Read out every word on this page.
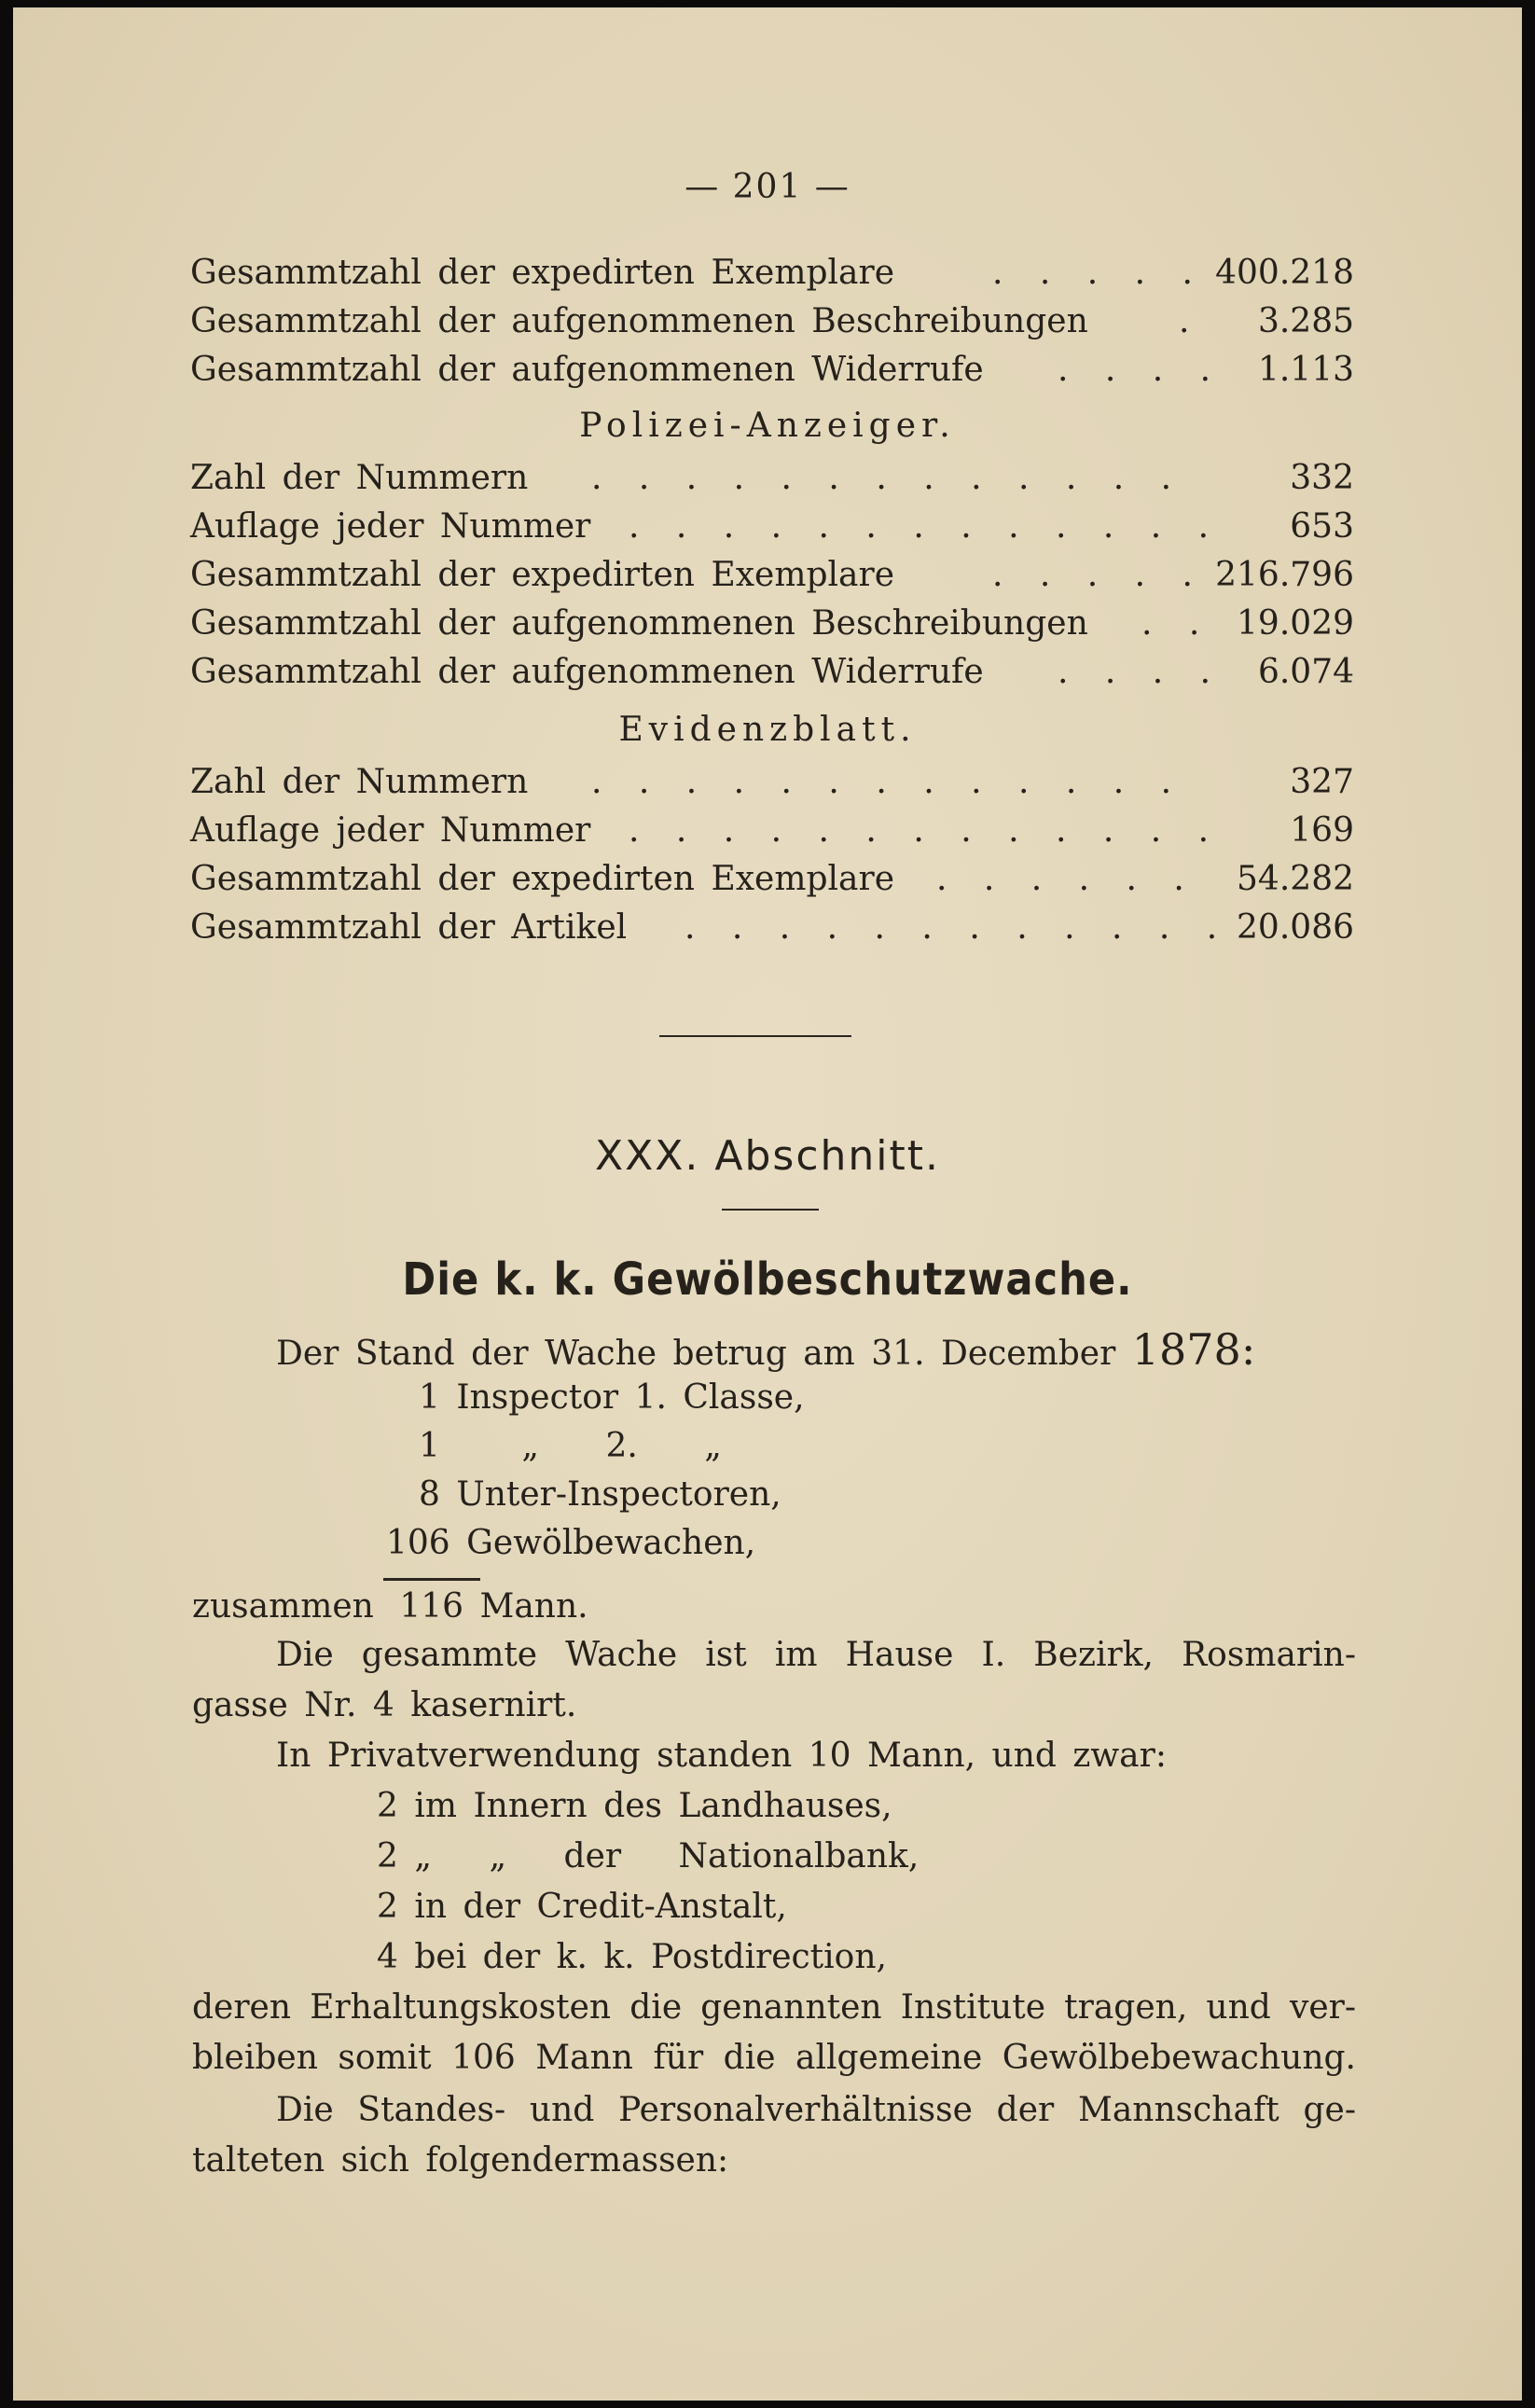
— 201 —
Gesammtzahl der expedirten Exemplare	. . . . . 400.218
Gesammtzahl der aufgenommenen Beschreibungen	. 3.285
Gesammtzahl der aufgenommenen Widerrufe . . . . 1.113
Polizei-Anzeiger.
Zahl der Nummern . . . . . . . . . . . . .	332
Auflage jeder Nummer . . . . . . . . . . . . . 653
Gesammtzahl der expedirten Exemplare	. . . . . 216.796
Gesammtzahl der aufgenommenen Beschreibungen . . 19.029
Gesammtzahl der aufgenommenen Widerrufe . . . . 6.074
Evidenzblatt.
Zahl der Nummern . . . . . . . . . . . . .	327
Auflage jeder Nummer . . . . . . . . . . . . . 169
Gesammtzahl der expedirten Exemplare . . . . . . 54.282
Gesammtzahl der Artikel . . . . . . . . . . . . 20.086
XXX. Abschnitt.
Die k. k. Gewölbeschutzwache.
Der Stand der Wache betrug am 31. December 1878:
1 Inspector 1. Classe,
1 „ 2. „
8 Unter-Inspectoren,
106 Gewölbewachen,
zusammen 116 Mann.
Die gesammte Wache ist im Hause I. Bezirk, Rosmarin-
gasse Nr. 4 kasernirt.
In Privatverwendung standen 10 Mann, und zwar:
2 im Innern des Landhauses,
2 „ „ der Nationalbank,
2 in der Credit-Anstalt,
4 bei der k. k. Postdirection,
deren Erhaltungskosten die genannten Institute tragen, und ver-
bleiben somit 106 Mann für die allgemeine Gewölbebewachung.
Die Standes- und Personalverhältnisse der Mannschaft ge-
talteten sich folgendermassen:
